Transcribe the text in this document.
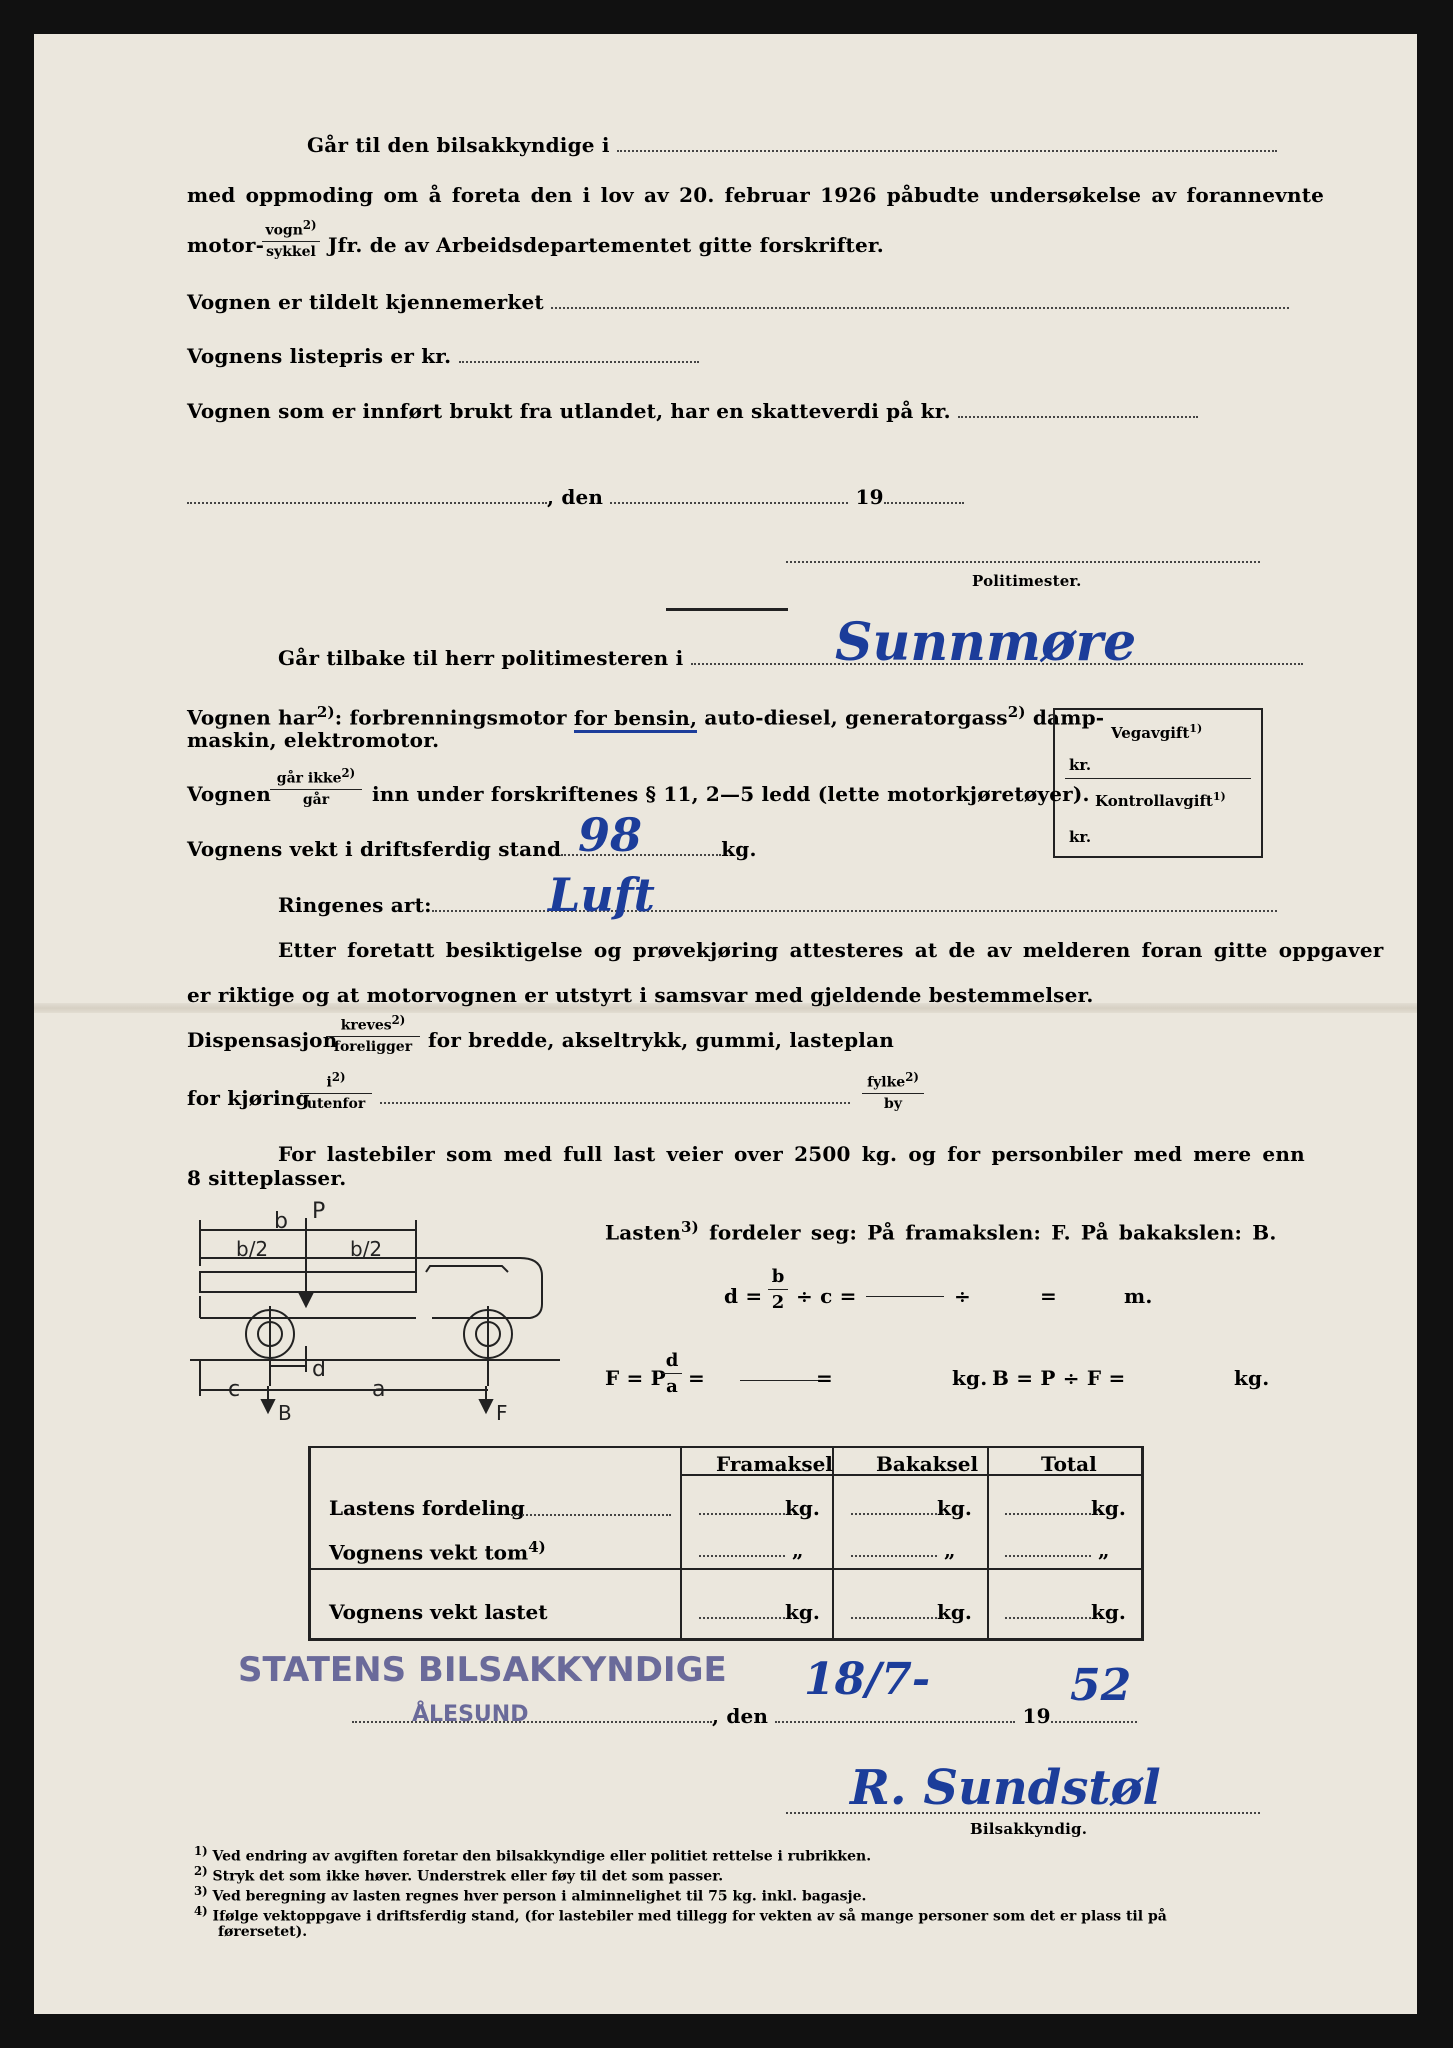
Går til den bilsakkyndige i
med oppmoding om å foreta den i lov av 20. februar 1926 påbudte undersøkelse av forannevnte
motor-
vogn$^{2)}$
sykkel Jfr. de av Arbeidsdepartementet gitte forskrifter.
Vognen er tildelt kjennemerket
Vognens listepris er kr.
Vognen som er innført brukt fra utlandet, har en skatteverdi på kr.
, den	19
Politimester.
Går tilbake til herr politimesteren i	Sunnmøre
Vognen har$^{2)}$: forbrenningsmotor for bensin, auto-diesel, generatorgass$^{2)}$ damp-
maskin, elektromotor.	Vegavgift$^{1)}$
kr.
Kontrollavgift$^{1)}$
kr.
Vognen
går ikke$^{2)}$
går	inn under forskriftenes § 11, 2—5 ledd (lette motorkjøretøyer).
Vognens vekt i driftsferdig stand	kg.
98
Ringenes art:	Luft
Etter foretatt besiktigelse og prøvekjøring attesteres at de av melderen foran gitte oppgaver
er riktige og at motorvognen er utstyrt i samsvar med gjeldende bestemmelser.
Dispensasjon
kreves$^{2)}$
foreligger for bredde, akseltrykk, gummi, lasteplan
for kjøring
$i^{2)}$
utenfor
fylke$^{2)}$
by
For lastebiler som med full last veier over 2500 kg. og for personbiler med mere enn
8 sitteplasser.
P
b
b/2	b/2
d
c	a
B	F
Lasten$^{3)}$ fordeler seg: På framakslen: F. På bakakslen: B.
$d = \frac{b}{2} \div c$ =	÷	=	m.
F = P
$\frac{d}{a}$ =	=	kg. B = P ÷ F =	kg.
Framaksel Bakaksel	Total
Lastens fordeling	kg.	kg.	kg.
Vognens vekt tom$^{4)}$	„	„	„
Vognens vekt lastet	kg.	kg.	kg.
STATENS BILSAKKYNDIGE
ÅLESUND	, den	19
18/7-	52
R. Sundstøl
Bilsakkyndig.
$^{1)}$ Ved endring av avgiften foretar den bilsakkyndige eller politiet rettelse i rubrikken.
$^{2)}$ Stryk det som ikke høver. Understrek eller føy til det som passer.
$^{3)}$ Ved beregning av lasten regnes hver person i alminnelighet til 75 kg. inkl. bagasje.
$^{4)}$ Ifølge vektoppgave i driftsferdig stand, (for lastebiler med tillegg for vekten av så mange personer som det er plass til på
førersetet).
